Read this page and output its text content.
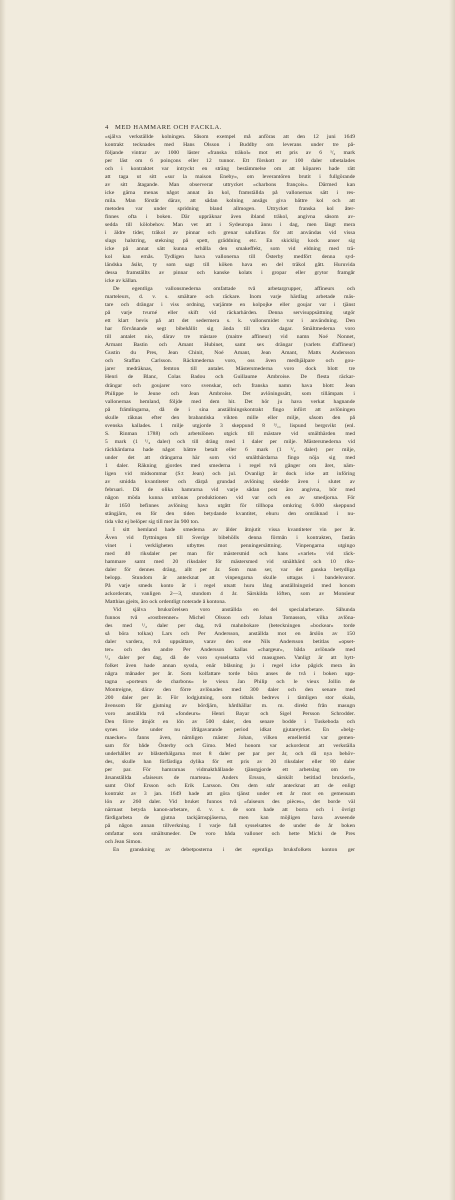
4 MED HAMMARE OCH FACKLA.
»själva verkställde kolningen. Såsom exempel må anföras att den 12 juni 1649
kontrakt tecknades med Hans Olsson i Buddby om leverans under tre på-
följande vintrar av 1000 läster »franska träkol» mot ett pris av 6 ¹/₂ mark
per läst om 6 poinçons eller 12 tunnor. Ett förskott av 100 daler utbetalades
och i kontraktet var intryckt en sträng bestämmelse om att köparen hade rätt
att taga ut sitt »sur la maison Eneby», om leverantören brutit i fullgörande
av sitt åtagande. Man observerar uttrycket »charbons françois». Därmed kan
icke gärna menas något annat än kol, framställda på vallonernas sätt i res-
mila. Man förstår därav, att sådan kolning ansågs giva bättre kol och att
metoden var under spridning bland allmogen. Uttrycket franska kol åter-
finnes ofta i boken. Där uppräknar även ibland träkol, angivna såsom av-
sedda till kölobehov. Man vet att i Sydeuropa ännu i dag, men längt mera
i äldre tider, träkol av pinnar och grenar salufüras för att användas vid vissa
slags halstring, stekning på spett, gräddning etc. En skicklig kock anser sig
icke på annat sätt kunna erhålla den smakeffekt, som vid eldning med trä-
kol kan ernås. Tydligen hava vallonerna till Österby medfört denna syd-
ländska åsikt, ty som sagt till köken hava en del träkol gått. Huruvida
dessa framställts av pinnar och kanske kolats i gropar eller grytor framgår
icke av källan.
De egentliga vallonsmederna omfattade två arbetargrupper, affineurs och
marteleurs, d. v. s. smältare och räckare. Inom varje härdlag arbetade mäs-
tare och drängar i viss ordning, varjämte en kolpojke eller goujar var i tjänst
på varje tvurné eller skift vid räckarhärden. Denna servisuppsättning utgör
ett klart bevis på att det sedermera s. k. vallonsmidet var i användning. Den
har förvånande segt bibehållit sig ända till våra dagar. Smältmederna voro
till antalet nio, därav tre mästare (maitre affineur) vid namn Noé Nonnet,
Armant Bastin och Amant Hubinet, samt sex drängar (varlets d'affineur)
Gustin du Pres, Jean Chinit, Noé Amant, Jean Amant, Matts Andersson
och Staffan Carlsson. Räckmederna voro, oss även medhjälpare och gou-
jarer medräknas, femton till antalet. Mästersmederna voro dock blott tre
Henri de Blanc, Colas Badou och Guillaume Ambroise. De flesta räckar-
drängar och goujarer voro svenskar, och franska namn hava blott: Jean
Philippe le Jeune och Jean Ambroise. Det avlöningssätt, som tillämpats i
vallonernas hemland, följde med dem hit. Det hör ju hava verkat hagnande
på främlingarna, då de i sina anställningskontrakt fingo infört att avlöningen
skulle räknas efter den brabantiska vikten mille eller milje, såsom den på
svenska kallades. 1 milje utgjorde 3 skeppund 8 ³/₁₁ lispund bergsvikt (enl.
S. Rinman 1788) och arbetslönen utgick till mästare vid smälthärden med
5 mark (1 ¹/₄ daler) och till dräng med 1 daler per milje. Mästersmederna vid
räckhärdarna hade något bättre betalt eller 6 mark (1 ¹/₂ daler) per milje,
under det att drängarna här som vid smälthärdarna fingo nöja sig med
1 daler. Räkning gjordes med smederna i regel två gånger om året, näm-
ligen vid midsommar (S:t Jean) och jul. Ovanligt är dock icke att införing
av smidda kvantiteter och därpå grundad avlöning skedde även i slutet av
februari. Då de olika hamrarna vid varje sådan post äro angivna, bör med
någon möda kunna utrönas produktionen vid var och en av smedjorna. För
år 1650 befinnes avlöning hava utgått för tillhopa omkring 6.000 skeppund
stångjärn, en för den tiden betydande kvantitet, ehuru den omräknad i nu-
tida vikt ej belöper sig till mer än 900 ton.
I sitt hemland hade smederna av ålder åtnjutit vissa kvantiteter vin per år.
Även vid flyttningen till Sverige bibehölls denna förmån i kontrakten, fastän
vinet i verkligheten utbyttes mot penningersättning. Vinpengarna utgingo
med 40 riksdaler per man för mästersmid och hans »varlet» vid räck-
hammare samt med 20 riksdaler för mästersmed vid smälthärd och 10 riks-
daler för dennes dräng, allt per år. Som man ser, var det ganska betydliga
belopp. Stundom är antecknat att vinpengarna skulle uttagas i bandelsvaror.
På varje smeds konto är i regel utsatt huru lång anställningstid med honom
ackorderats, vanligen 2—3, stundom 4 år. Särskilda löften, som av Monsieur
Matthias gjeits, äro ock ordentligt noterade å kontona.
Vid själva bruksrörelsen voro anställda en del specialarbetare. Såhunda
funnos två »rostbrenner» Michel Olsson och Johan Tomasson, vilka avlöna-
des med ¹/₂ daler per dag, två mahnbokare (beteckningen »bockear» torde
så böra tolkas) Lars och Per Andersson, anställda mot en årslön av 150
daler vardera, två uppsättare, varav den ene Nils Andersson betitlas »opset-
ter» och den andre Per Andersson kallas »chargeur», båda avlönade med
¹/₂ daler per dag, då de voro sysselsatta vid masugnen. Vanligt är att hytt-
folket även hade annan syssla, enär blåsning ju i regel icke pågick mera än
några månader per år. Som kolfattare torde böra anses de två i boken upp-
tagna »porteurs de charbons» le vieux Jan Philip och le vieux Jollin de
Montreigne, därav den förre avlönades med 300 daler och den senare med
200 daler per år. För lodgjutning, som tidtals bedrevs i tämligen stor skala,
åvensom för gjutning av bördjärn, hårdhällar m. m. direkt från masugn
voro anställda två »fondeurs» Henri Bayar och Sigel Persson Schrodder.
Den förre åtnjöt en lön av 500 daler, den senare bodde i Tuskeboda och
synes icke under nu ifrågavarande period idkat gjutareyrket. En »belg-
maecker» fanns även, nämligen mäster Johan, vilken emellertid var gemen-
sam för både Österby och Gimo. Med honom var ackorderat att verkställa
underhållet av blåsterbälgarna mot 8 daler per par per år, och då nya behöv-
des, skulle han förfärdiga dylika för ett pris av 20 riksdaler eller 80 daler
per par. För hamrarnas vidmakthållande tjänstgjorde ett arbetslag om tre
årsanställda »faiseurs de marteau» Anders Ersson, särskilt betitlad bruxkerl»,
samt Olof Ersson och Erik Larsson. Om dem står antecknat att de enligt
kontrakt av 3 jan. 1649 hade att göra tjänst under ett år mot en gemensam
lön av 260 daler. Vid bruket funnos två »faiseurs des pièces», det borde väl
närmast betyda kanon-arbetare, d. v. s. de som hade att borra och i övrigt
färdigarbeta de gjutna tackjärnspjäserna, men kan möjligen hava avseende
på någon annan tillverkning. I varje fall sysselsattes de under de år boken
omfattar som smältsmeder. De voro båda valloner och hette Michi de Pres
och Jean Simon.
En granskning av debetposterna i det egentliga bruksfolkets konton ger
